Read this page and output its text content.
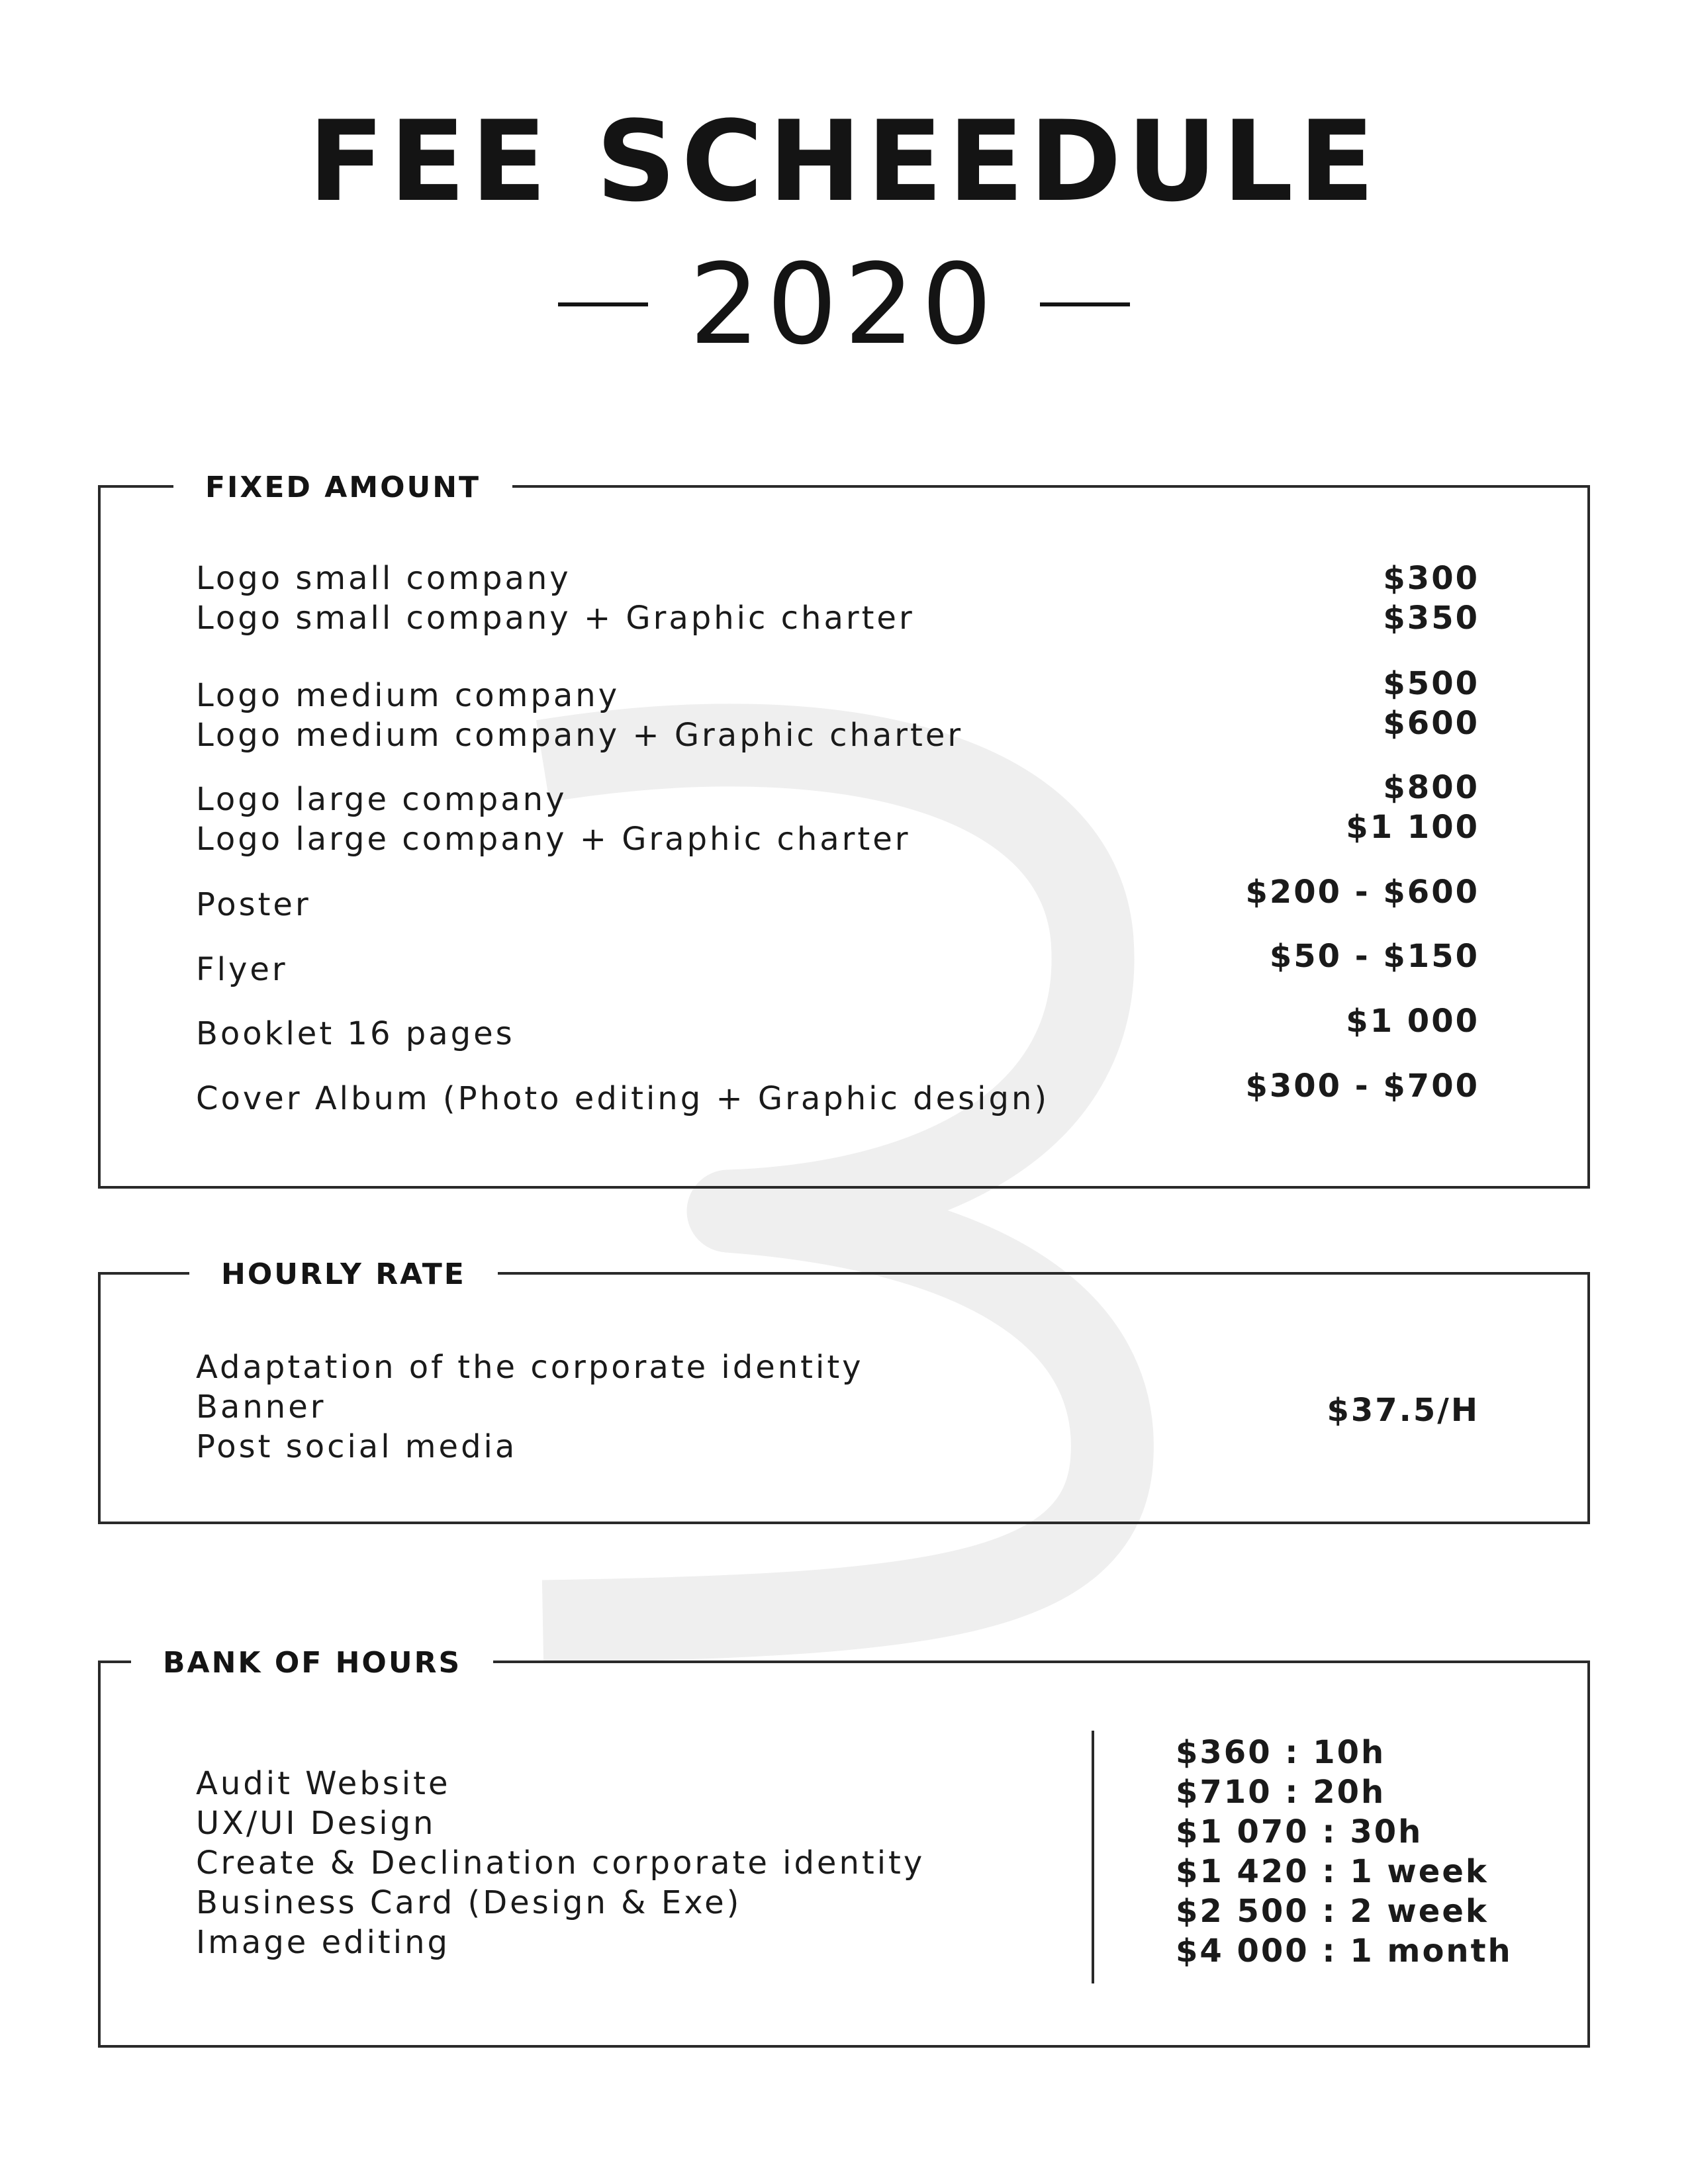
FEE SCHEEDULE
2020
FIXED AMOUNT
Logo small company
Logo small company + Graphic charter
Logo medium company
Logo medium company + Graphic charter
Logo large company
Logo large company + Graphic charter
Poster
Flyer
Booklet 16 pages
Cover Album (Photo editing + Graphic design)
$300
$350
$500
$600
$800
$1 100
$200 - $600
$50 - $150
$1 000
$300 - $700
HOURLY RATE
Adaptation of the corporate identity
Banner
Post social media
$37.5/H
BANK OF HOURS
Audit Website
UX/UI Design
Create & Declination corporate identity
Business Card (Design & Exe)
Image editing
$360 : 10h
$710 : 20h
$1 070 : 30h
$1 420 : 1 week
$2 500 : 2 week
$4 000 : 1 month
